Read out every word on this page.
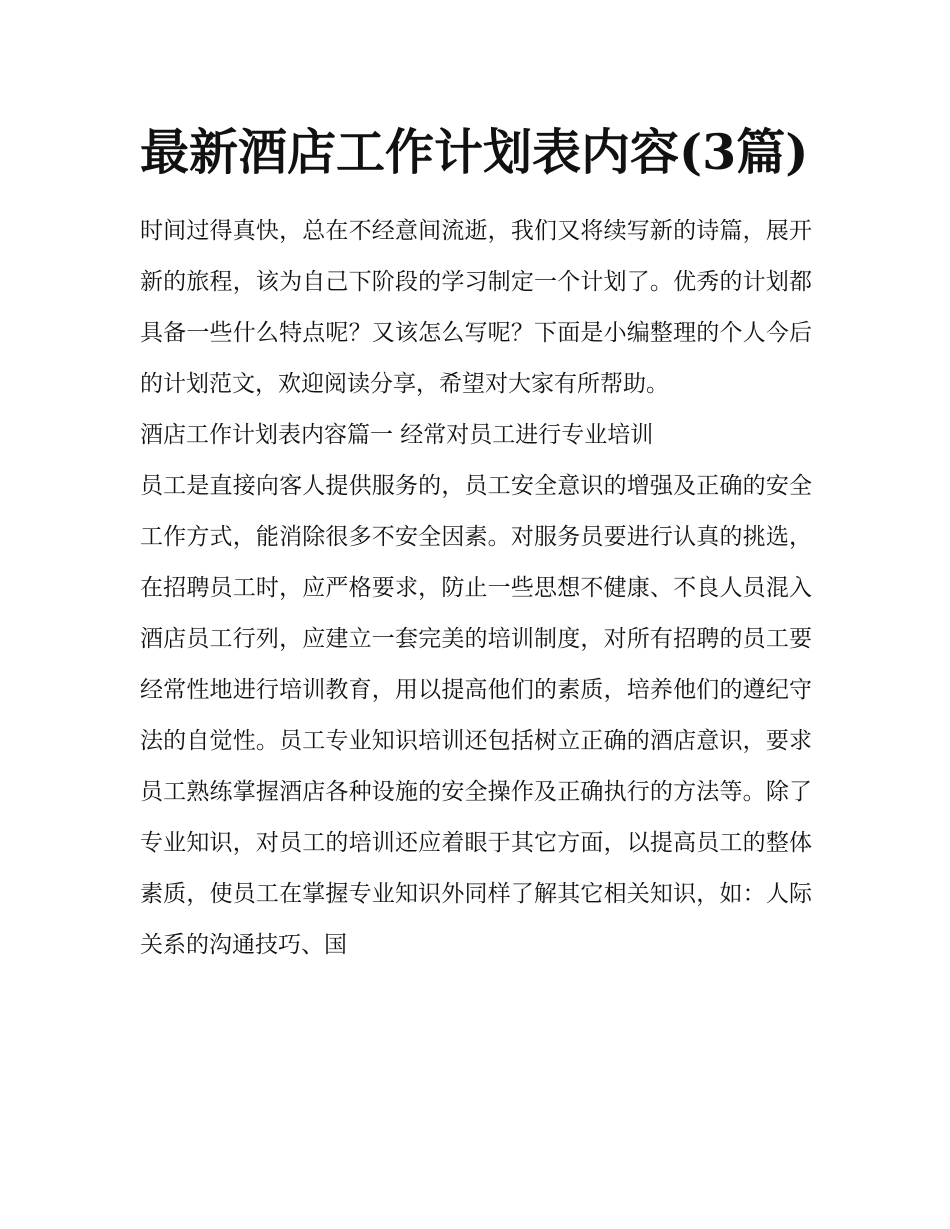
最新酒店工作计划表内容(3篇)

时间过得真快，总在不经意间流逝，我们又将续写新的诗篇，展开新的旅程，该为自己下阶段的学习制定一个计划了。优秀的计划都具备一些什么特点呢？又该怎么写呢？下面是小编整理的个人今后的计划范文，欢迎阅读分享，希望对大家有所帮助。

酒店工作计划表内容篇一 经常对员工进行专业培训

员工是直接向客人提供服务的，员工安全意识的增强及正确的安全工作方式，能消除很多不安全因素。对服务员要进行认真的挑选，在招聘员工时，应严格要求，防止一些思想不健康、不良人员混入酒店员工行列，应建立一套完美的培训制度，对所有招聘的员工要经常性地进行培训教育，用以提高他们的素质，培养他们的遵纪守法的自觉性。员工专业知识培训还包括树立正确的酒店意识，要求员工熟练掌握酒店各种设施的安全操作及正确执行的方法等。除了专业知识，对员工的培训还应着眼于其它方面，以提高员工的整体素质，使员工在掌握专业知识外同样了解其它相关知识，如：人际关系的沟通技巧、国
